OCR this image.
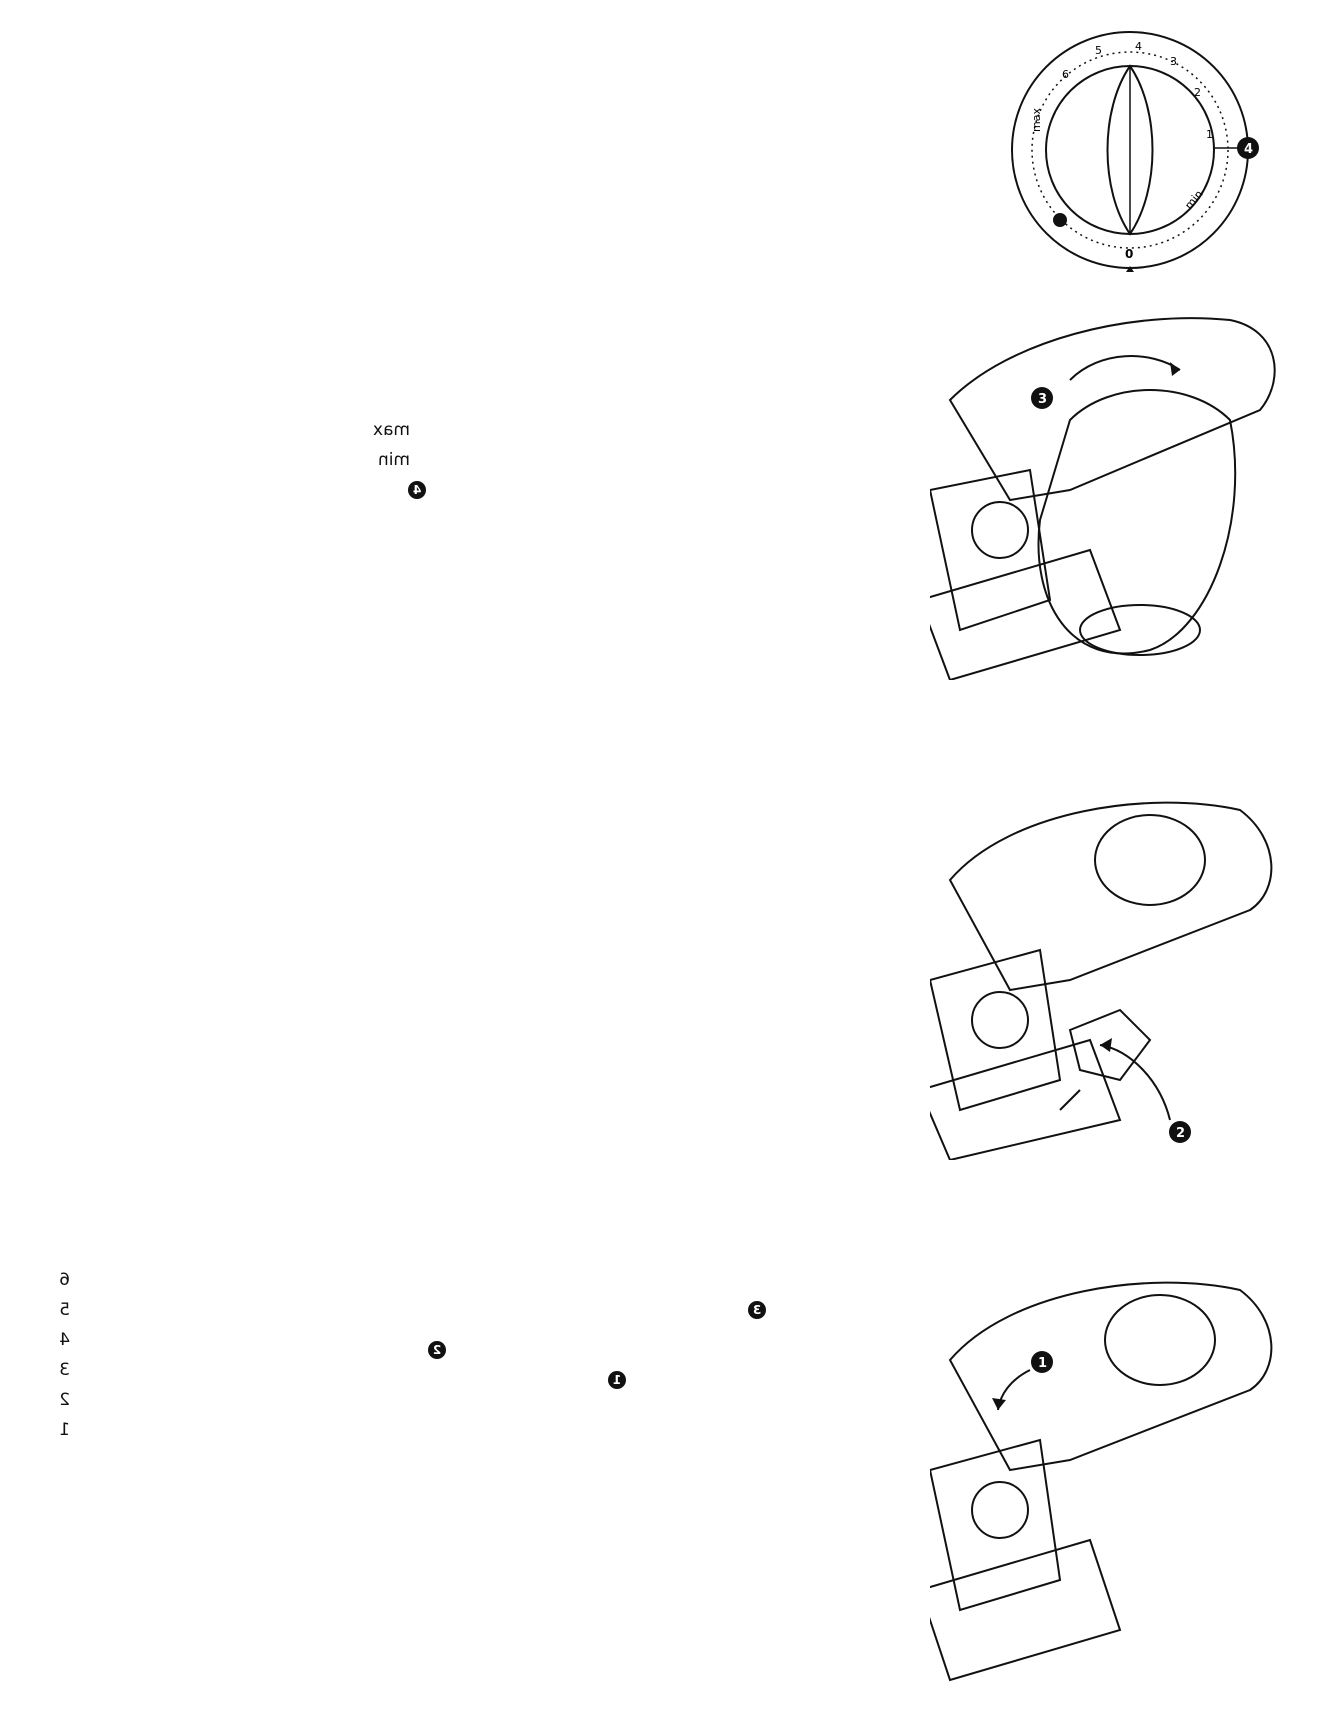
max
6
5	4
3
2
1
min
0
4
3
2
1
max
min
4
3
2
1
6
5
4
3
2
1
